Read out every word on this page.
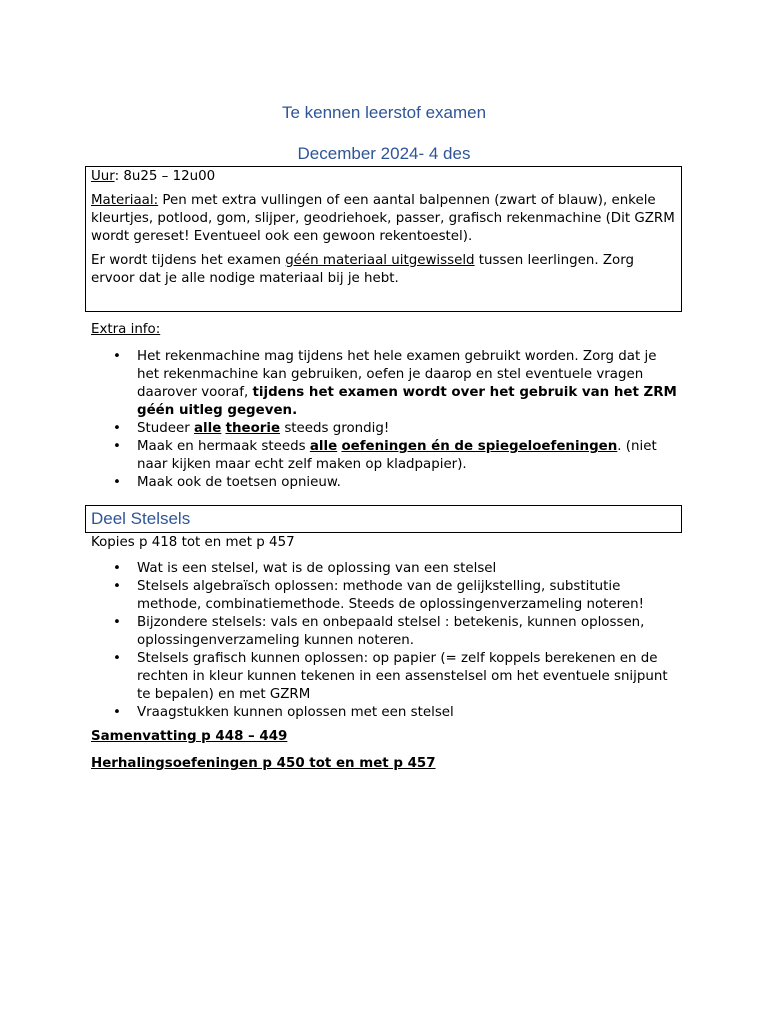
Te kennen leerstof examen
December 2024- 4 des

Uur: 8u25 – 12u00

Materiaal: Pen met extra vullingen of een aantal balpennen (zwart of blauw), enkele kleurtjes, potlood, gom, slijper, geodriehoek, passer, grafisch rekenmachine (Dit GZRM wordt gereset! Eventueel ook een gewoon rekentoestel).

Er wordt tijdens het examen géén materiaal uitgewisseld tussen leerlingen. Zorg ervoor dat je alle nodige materiaal bij je hebt.

Extra info:
• Het rekenmachine mag tijdens het hele examen gebruikt worden. Zorg dat je het rekenmachine kan gebruiken, oefen je daarop en stel eventuele vragen daarover vooraf, tijdens het examen wordt over het gebruik van het ZRM géén uitleg gegeven.
• Studeer alle theorie steeds grondig!
• Maak en hermaak steeds alle oefeningen én de spiegeloefeningen. (niet naar kijken maar echt zelf maken op kladpapier).
• Maak ook de toetsen opnieuw.
Deel Stelsels
Kopies p 418 tot en met p 457
• Wat is een stelsel, wat is de oplossing van een stelsel
• Stelsels algebraïsch oplossen: methode van de gelijkstelling, substitutie methode, combinatiemethode. Steeds de oplossingenverzameling noteren!
• Bijzondere stelsels: vals en onbepaald stelsel : betekenis, kunnen oplossen, oplossingenverzameling kunnen noteren.
• Stelsels grafisch kunnen oplossen: op papier (= zelf koppels berekenen en de rechten in kleur kunnen tekenen in een assenstelsel om het eventuele snijpunt te bepalen) en met GZRM
• Vraagstukken kunnen oplossen met een stelsel
Samenvatting p 448 – 449
Herhalingsoefeningen p 450 tot en met p 457
